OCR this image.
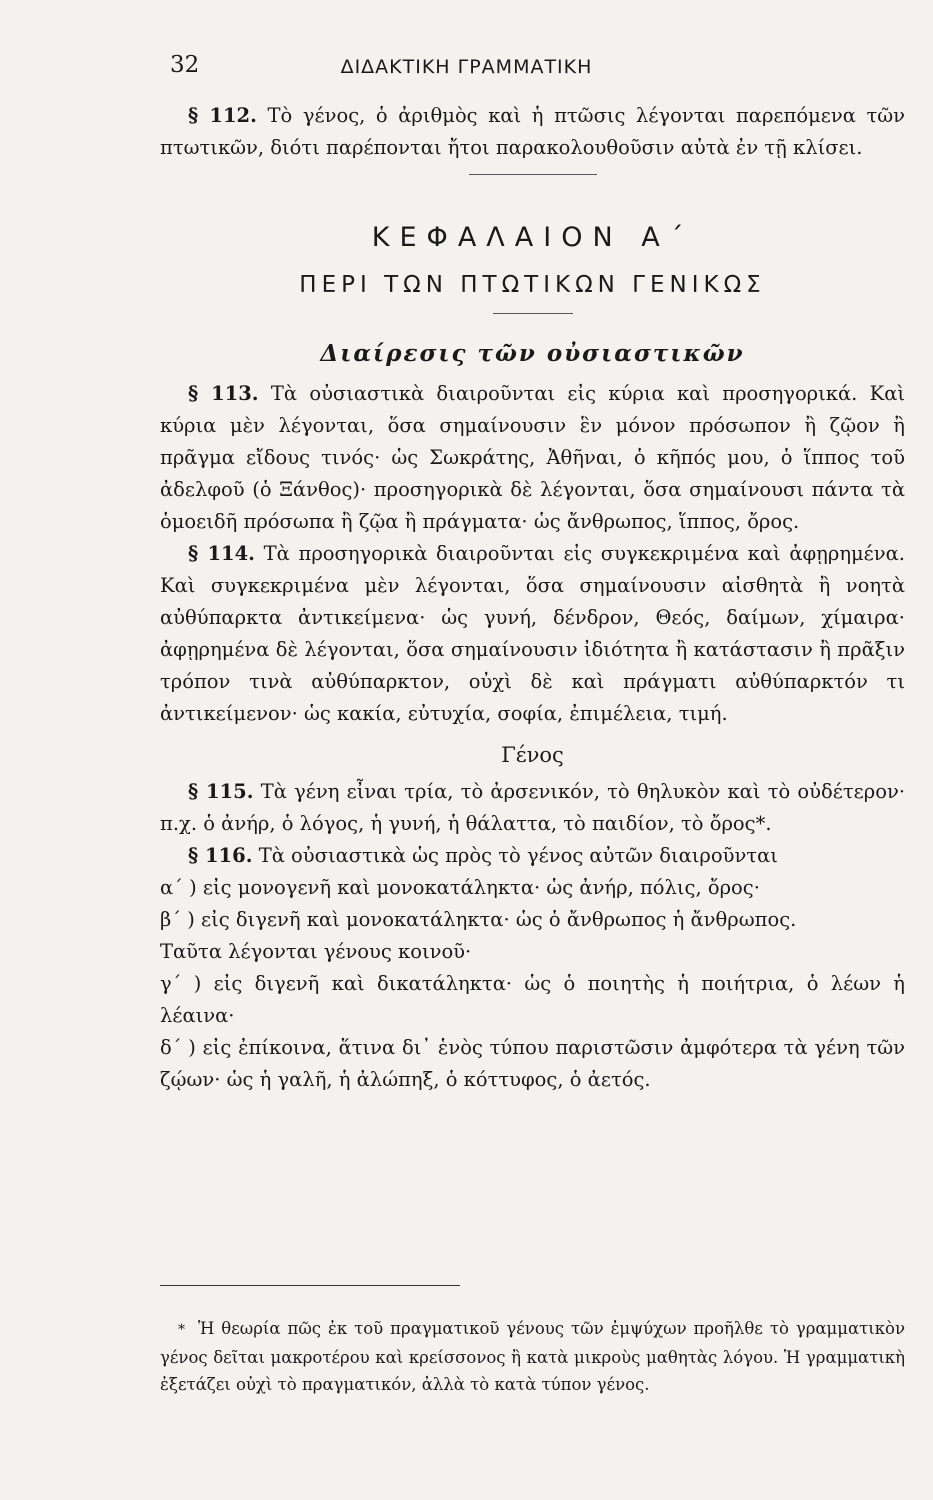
32	ΔΙΔΑΚΤΙΚΗ ΓΡΑΜΜΑΤΙΚΗ

§ 112. Τὸ γένος, ὁ ἀριθμὸς καὶ ἡ πτῶσις λέγονται παρεπόμενα τῶν πτωτικῶν, διότι παρέπονται ἤτοι παρακολουθοῦσιν αὐτὰ ἐν τῇ κλίσει.

ΚΕΦΑΛΑΙΟΝ Α΄
ΠΕΡΙ ΤΩΝ ΠΤΩΤΙΚΩΝ ΓΕΝΙΚΩΣ
Διαίρεσις τῶν οὐσιαστικῶν

§ 113. Τὰ οὐσιαστικὰ διαιροῦνται εἰς κύρια καὶ προσηγορικά. Καὶ κύρια μὲν λέγονται, ὅσα σημαίνουσιν ἓν μόνον πρόσωπον ἢ ζῷον ἢ πρᾶγμα εἴδους τινός· ὡς Σωκράτης, Ἀθῆναι, ὁ κῆπός μου, ὁ ἵππος τοῦ ἀδελφοῦ (ὁ Ξάνθος)· προσηγορικὰ δὲ λέγονται, ὅσα σημαίνουσι πάντα τὰ ὁμοειδῆ πρόσωπα ἢ ζῷα ἢ πράγματα· ὡς ἄνθρωπος, ἵππος, ὄρος.

§ 114. Τὰ προσηγορικὰ διαιροῦνται εἰς συγκεκριμένα καὶ ἀφῃρημένα. Καὶ συγκεκριμένα μὲν λέγονται, ὅσα σημαίνουσιν αἰσθητὰ ἢ νοητὰ αὐθύπαρκτα ἀντικείμενα· ὡς γυνή, δένδρον, Θεός, δαίμων, χίμαιρα· ἀφῃρημένα δὲ λέγονται, ὅσα σημαίνουσιν ἰδιότητα ἢ κατάστασιν ἢ πρᾶξιν τρόπον τινὰ αὐθύπαρκτον, οὐχὶ δὲ καὶ πράγματι αὐθύπαρκτόν τι ἀντικείμενον· ὡς κακία, εὐτυχία, σοφία, ἐπιμέλεια, τιμή.

Γένος

§ 115. Τὰ γένη εἶναι τρία, τὸ ἀρσενικόν, τὸ θηλυκὸν καὶ τὸ οὐδέτερον· π.χ. ὁ ἀνήρ, ὁ λόγος, ἡ γυνή, ἡ θάλαττα, τὸ παιδίον, τὸ ὄρος*.

§ 116. Τὰ οὐσιαστικὰ ὡς πρὸς τὸ γένος αὐτῶν διαιροῦνται

α΄ ) εἰς μονογενῆ καὶ μονοκατάληκτα· ὡς ἀνήρ, πόλις, ὄρος·

β΄ ) εἰς διγενῆ καὶ μονοκατάληκτα· ὡς ὁ ἄνθρωπος ἡ ἄνθρωπος.

Ταῦτα λέγονται γένους κοινοῦ·

γ΄ ) εἰς διγενῆ καὶ δικατάληκτα· ὡς ὁ ποιητὴς ἡ ποιήτρια, ὁ λέων ἡ λέαινα·

δ΄ ) εἰς ἐπίκοινα, ἅτινα δι᾿ ἑνὸς τύπου παριστῶσιν ἀμφότερα τὰ γένη τῶν ζῴων· ὡς ἡ γαλῆ, ἡ ἀλώπηξ, ὁ κόττυφος, ὁ ἀετός.

* Ἡ θεωρία πῶς ἐκ τοῦ πραγματικοῦ γένους τῶν ἐμψύχων προῆλθε τὸ γραμματικὸν γένος δεῖται μακροτέρου καὶ κρείσσονος ἢ κατὰ μικροὺς μαθητὰς λόγου. Ἡ γραμματικὴ ἐξετάζει οὐχὶ τὸ πραγματικόν, ἀλλὰ τὸ κατὰ τύπον γένος.
